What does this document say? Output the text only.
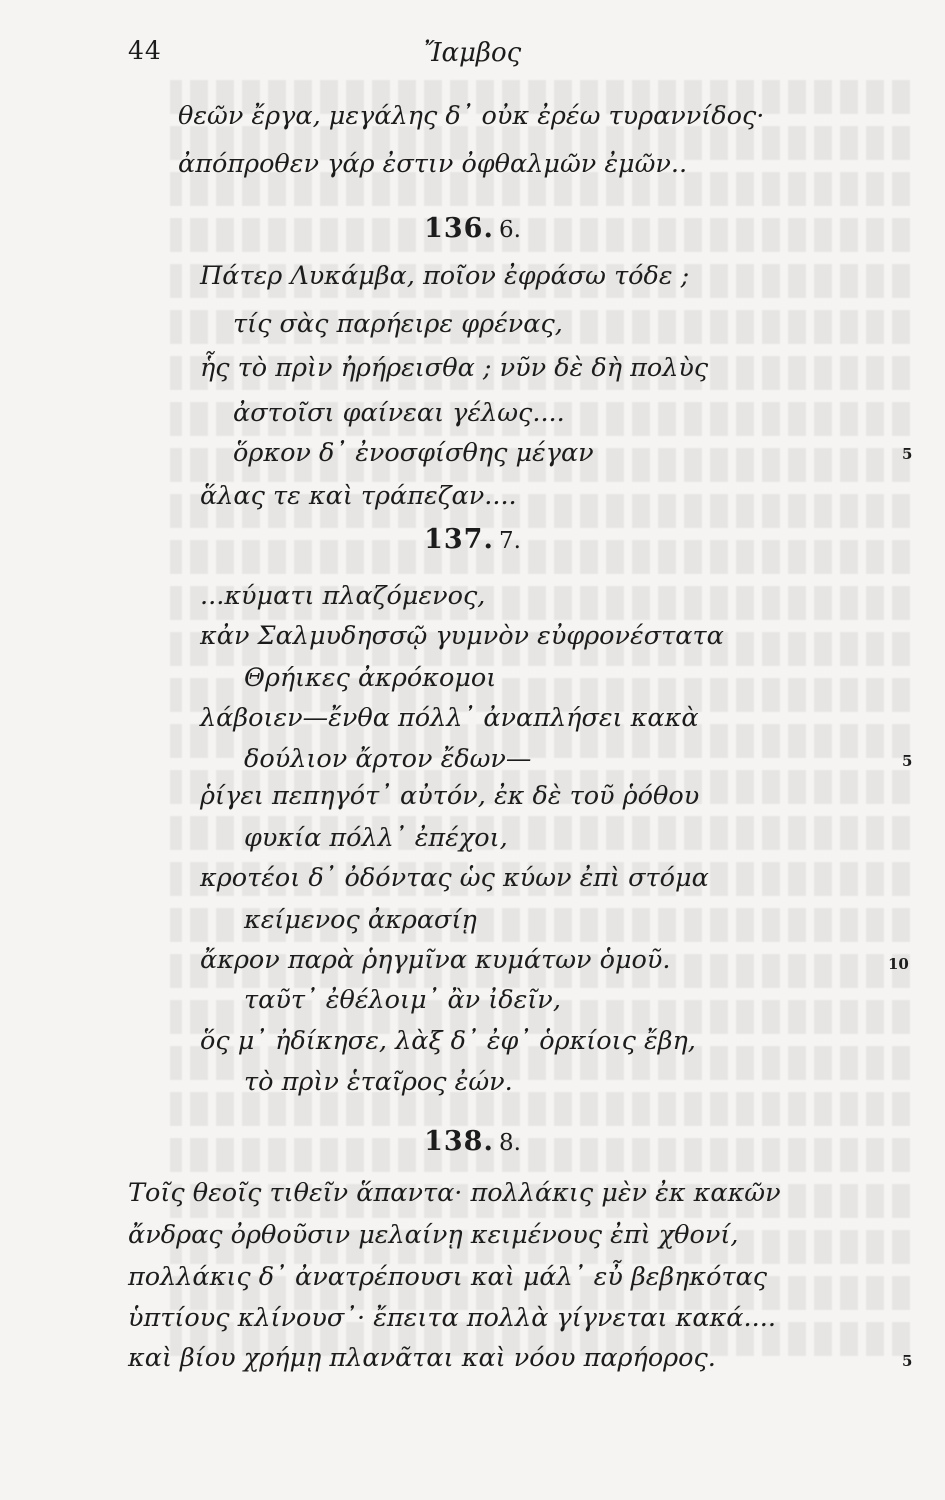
44	Ἴαμβος
θεῶν ἔργα, μεγάλης δ᾽ οὐκ ἐρέω τυραννίδος·
ἀπόπροθεν γάρ ἐστιν ὀφθαλμῶν ἐμῶν..
136. 6.
Πάτερ Λυκάμβα, ποῖον ἐφράσω τόδε ;
τίς σὰς παρήειρε φρένας,
ἧς τὸ πρὶν ἠρήρεισθα ; νῦν δὲ δὴ πολὺς
ἀστοῖσι φαίνεαι γέλως....
ὅρκον δ᾽ ἐνοσφίσθης μέγαν
ἅλας τε καὶ τράπεζαν....
5
137. 7.
...κύματι πλαζόμενος,
κἀν Σαλμυδησσῷ γυμνὸν εὐφρονέστατα
Θρήικες ἀκρόκομοι
λάβοιεν—ἔνθα πόλλ᾽ ἀναπλήσει κακὰ
δούλιον ἄρτον ἔδων—
ῥίγει πεπηγότ᾽ αὐτόν, ἐκ δὲ τοῦ ῥόθου
φυκία πόλλ᾽ ἐπέχοι,
κροτέοι δ᾽ ὀδόντας ὡς κύων ἐπὶ στόμα
κείμενος ἀκρασίῃ
ἄκρον παρὰ ῥηγμῖνα κυμάτων ὁμοῦ.
ταῦτ᾽ ἐθέλοιμ᾽ ἂν ἰδεῖν,
ὅς μ᾽ ἠδίκησε, λὰξ δ᾽ ἐφ᾽ ὁρκίοις ἔβη,
τὸ πρὶν ἑταῖρος ἐών.
5
10
138. 8.
Τοῖς θεοῖς τιθεῖν ἅπαντα· πολλάκις μὲν ἐκ κακῶν
ἄνδρας ὀρθοῦσιν μελαίνῃ κειμένους ἐπὶ χθονί,
πολλάκις δ᾽ ἀνατρέπουσι καὶ μάλ᾽ εὖ βεβηκότας
ὑπτίους κλίνουσ᾽· ἔπειτα πολλὰ γίγνεται κακά....
καὶ βίου χρήμῃ πλανᾶται καὶ νόου παρήορος.	5
